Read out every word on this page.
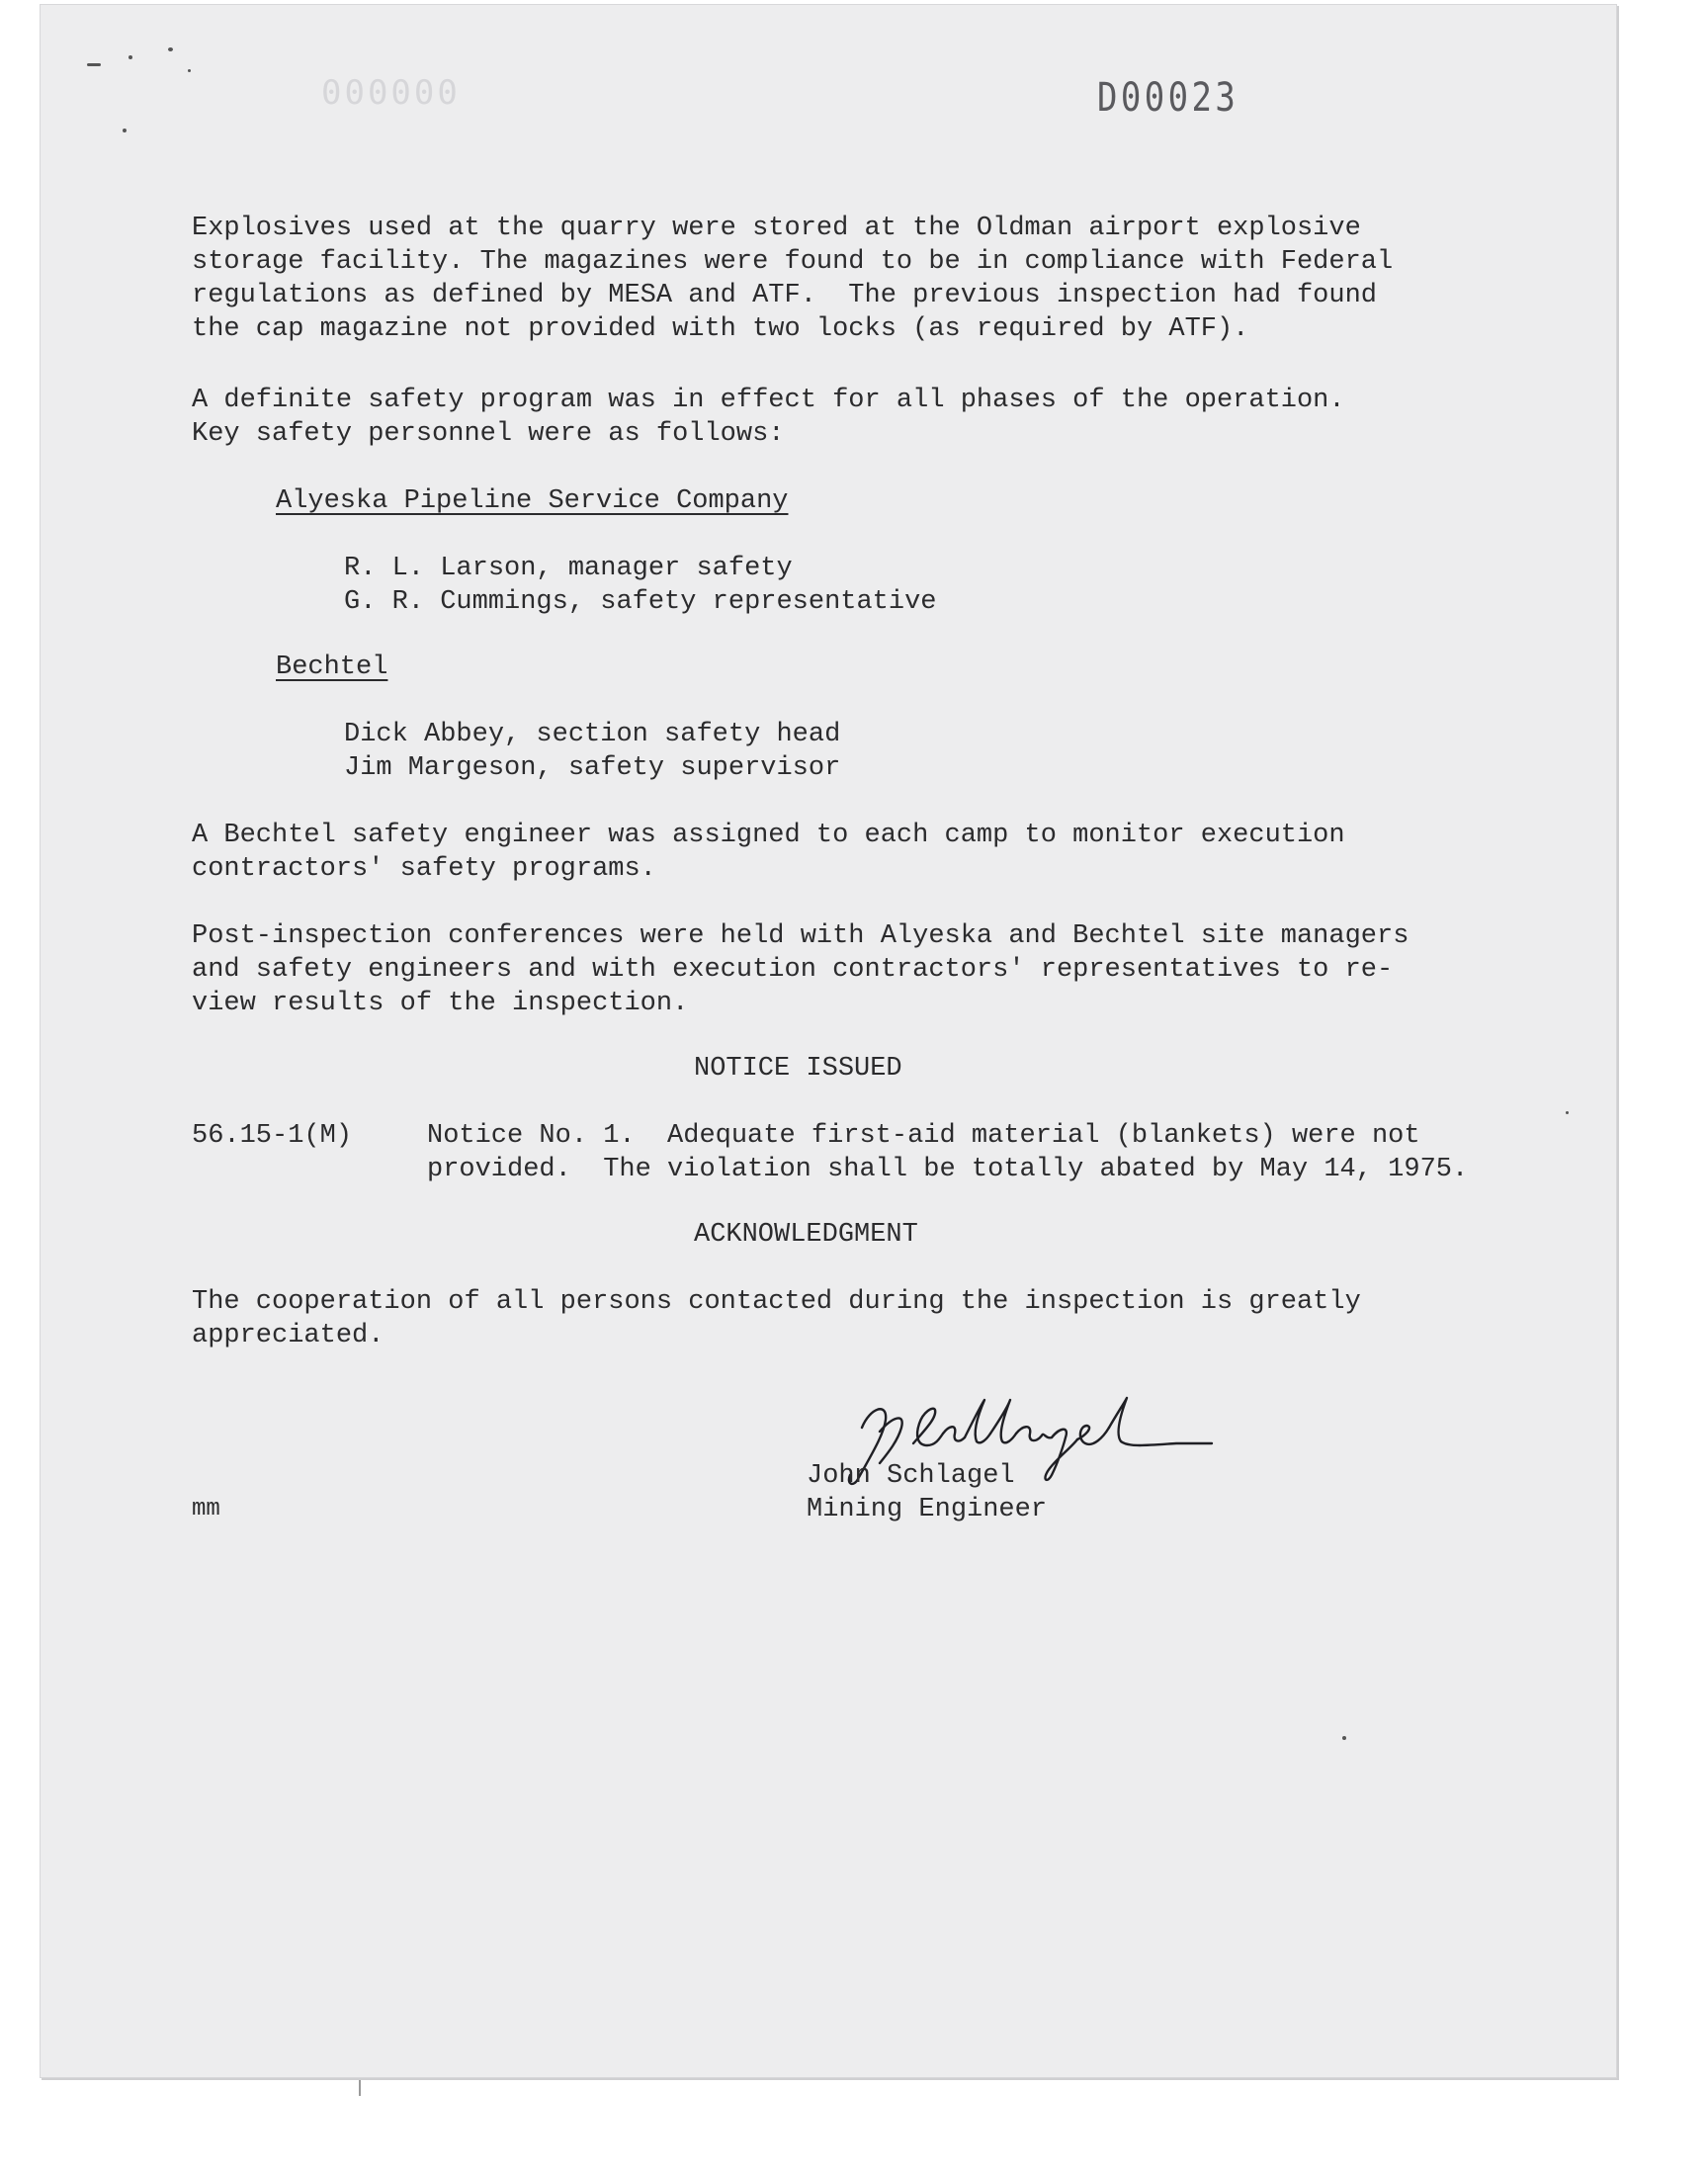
000000	D00023

Explosives used at the quarry were stored at the Oldman airport explosive
storage facility. The magazines were found to be in compliance with Federal
regulations as defined by MESA and ATF.  The previous inspection had found
the cap magazine not provided with two locks (as required by ATF).

A definite safety program was in effect for all phases of the operation.
Key safety personnel were as follows:

Alyeska Pipeline Service Company

R. L. Larson, manager safety

G. R. Cummings, safety representative

Bechtel

Dick Abbey, section safety head

Jim Margeson, safety supervisor

A Bechtel safety engineer was assigned to each camp to monitor execution
contractors' safety programs.

Post-inspection conferences were held with Alyeska and Bechtel site managers
and safety engineers and with execution contractors' representatives to re-
view results of the inspection.

NOTICE ISSUED

56.15-1(M)	Notice No. 1.  Adequate first-aid material (blankets) were not
provided.  The violation shall be totally abated by May 14, 1975.

ACKNOWLEDGMENT

The cooperation of all persons contacted during the inspection is greatly
appreciated.

John Schlagel

Mining Engineer

mm
